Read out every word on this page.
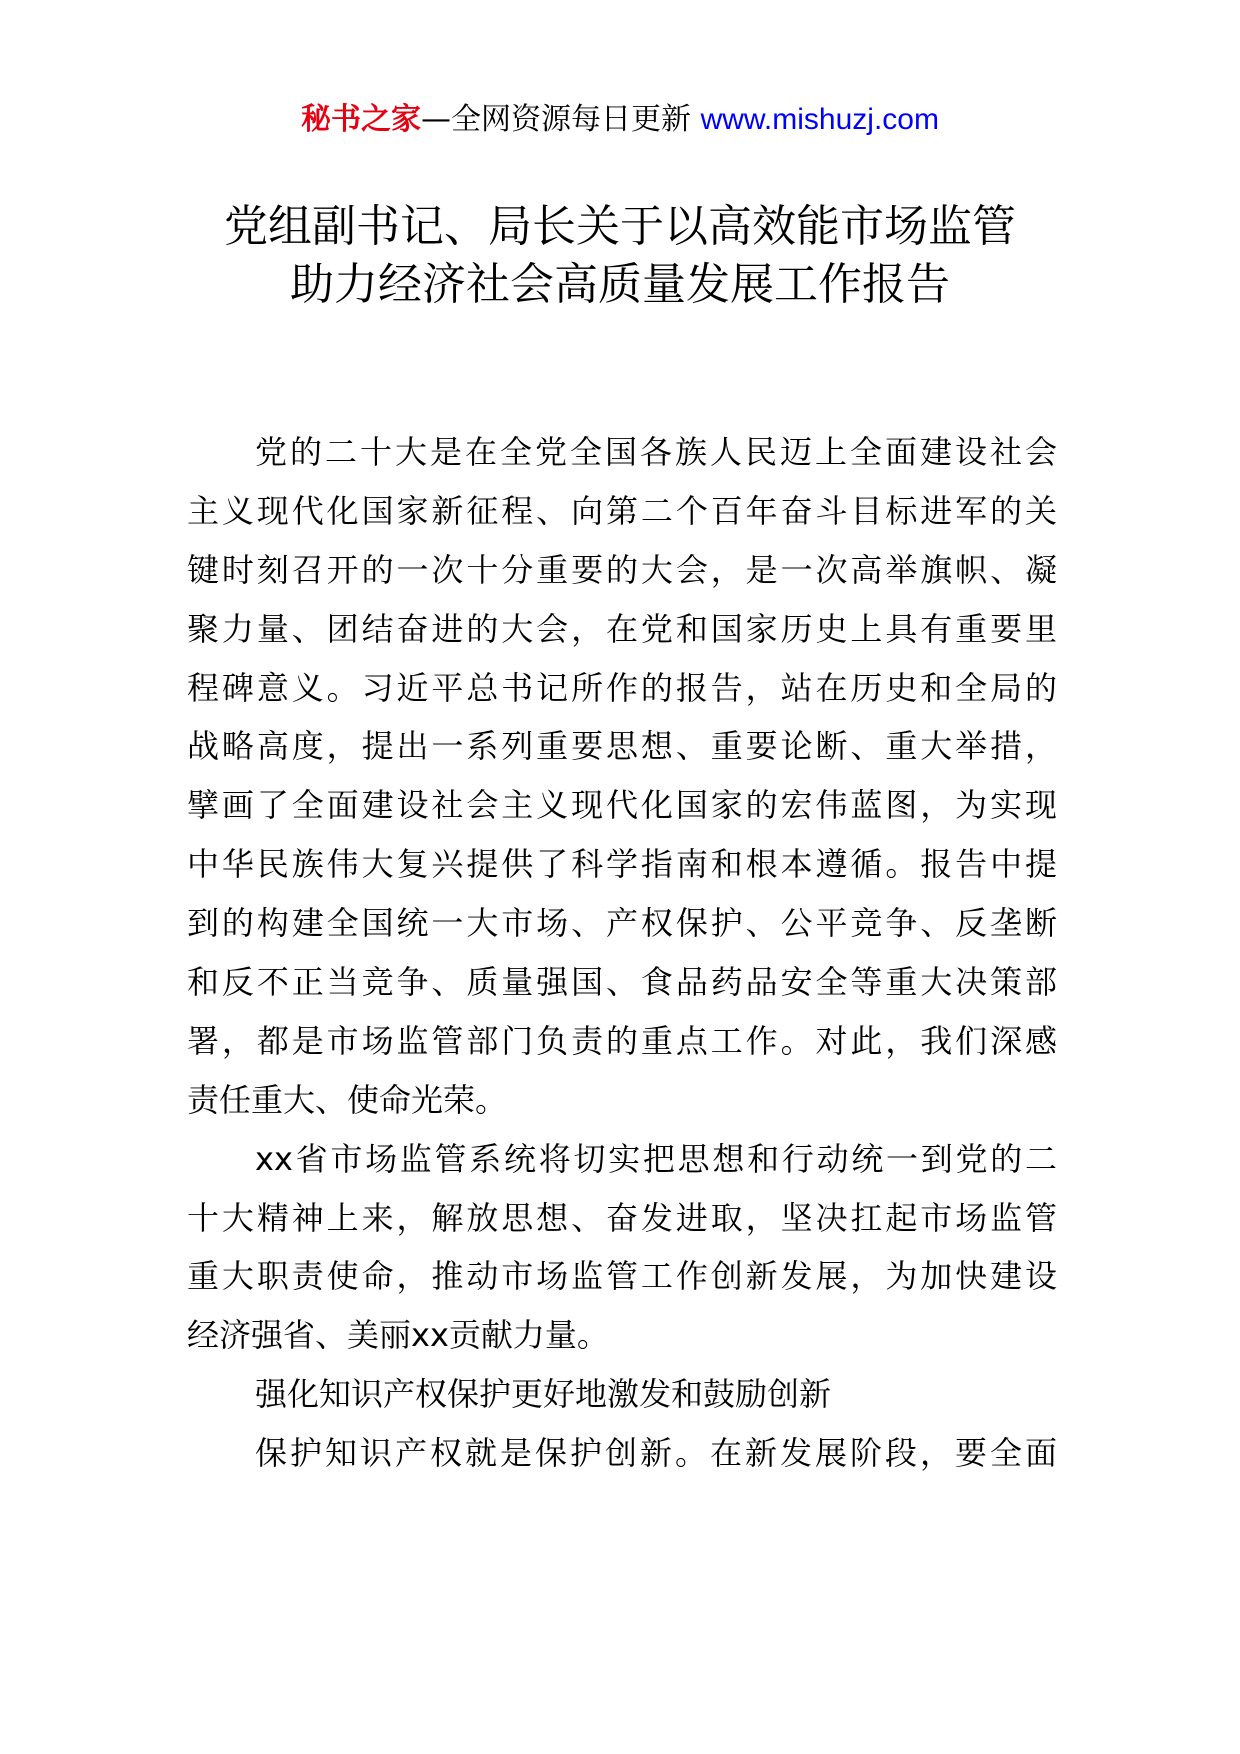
秘书之家—全网资源每日更新 www.mishuzj.com
党组副书记、局长关于以高效能市场监管
助力经济社会高质量发展工作报告
党的二十大是在全党全国各族人民迈上全面建设社会
主义现代化国家新征程、向第二个百年奋斗目标进军的关
键时刻召开的一次十分重要的大会，是一次高举旗帜、凝
聚力量、团结奋进的大会，在党和国家历史上具有重要里
程碑意义。习近平总书记所作的报告，站在历史和全局的
战略高度，提出一系列重要思想、重要论断、重大举措，
擘画了全面建设社会主义现代化国家的宏伟蓝图，为实现
中华民族伟大复兴提供了科学指南和根本遵循。报告中提
到的构建全国统一大市场、产权保护、公平竞争、反垄断
和反不正当竞争、质量强国、食品药品安全等重大决策部
署，都是市场监管部门负责的重点工作。对此，我们深感
责任重大、使命光荣。
xx省市场监管系统将切实把思想和行动统一到党的二
十大精神上来，解放思想、奋发进取，坚决扛起市场监管
重大职责使命，推动市场监管工作创新发展，为加快建设
经济强省、美丽xx贡献力量。
强化知识产权保护更好地激发和鼓励创新
保护知识产权就是保护创新。在新发展阶段，要全面
